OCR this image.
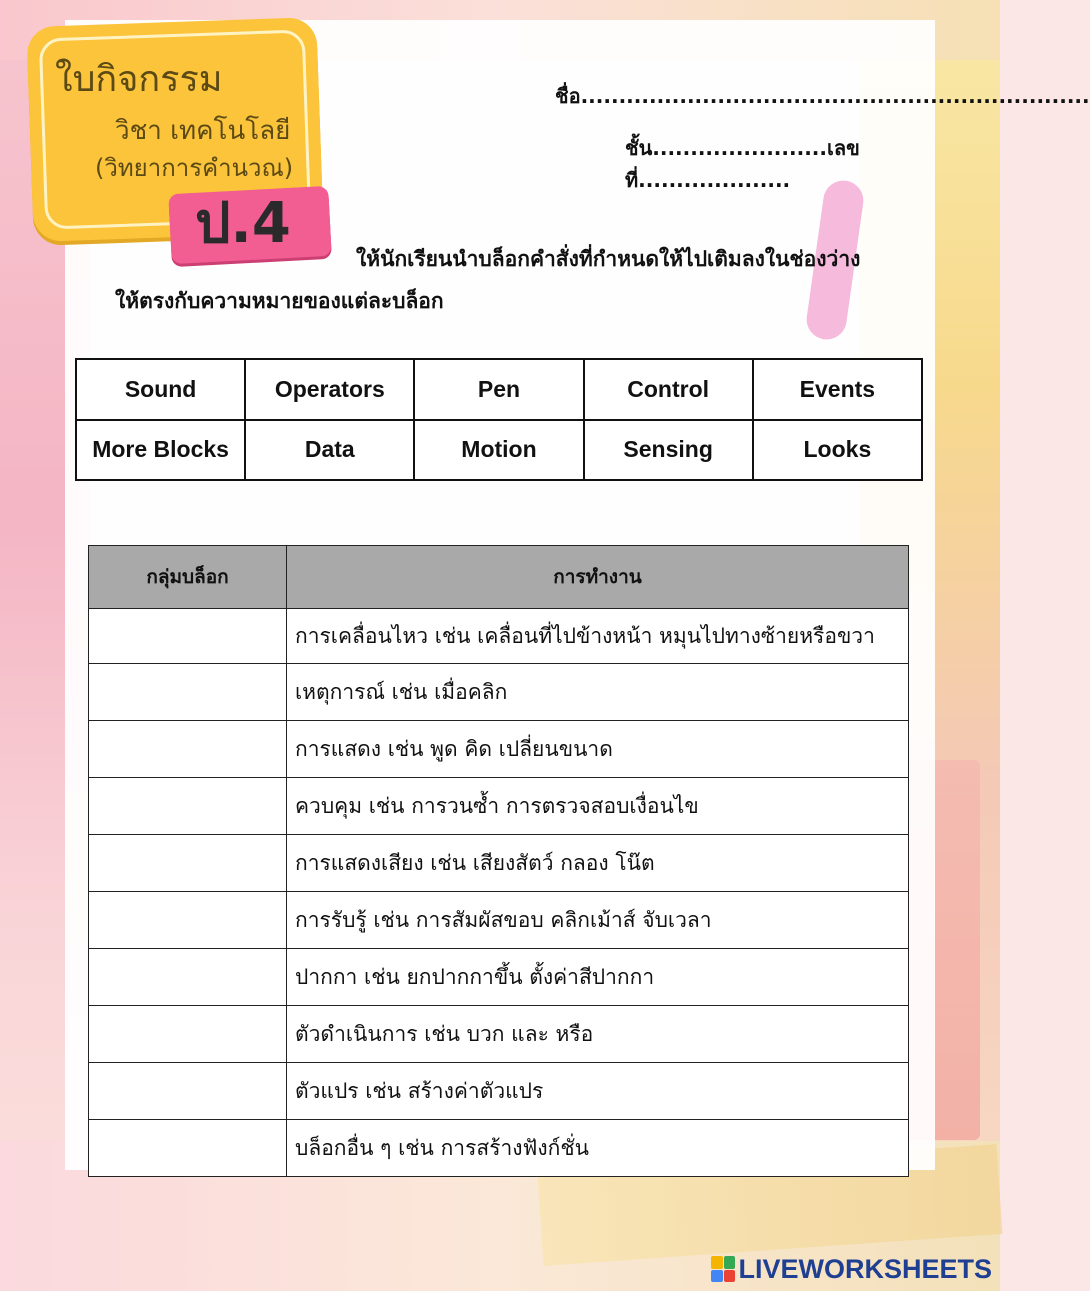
ใบกิจกรรม
วิชา เทคโนโลยี
(วิทยาการคำนวณ)
ป.4
ชื่อ...................................................................
ชั้น.......................เลขที่....................
ให้นักเรียนนำบล็อกคำสั่งที่กำหนดให้ไปเติมลงในช่องว่าง
ให้ตรงกับความหมายของแต่ละบล็อก
Sound	Operators	Pen	Control	Events
More Blocks	Data	Motion	Sensing	Looks
กลุ่มบล็อก	การทำงาน
	การเคลื่อนไหว เช่น เคลื่อนที่ไปข้างหน้า หมุนไปทางซ้ายหรือขวา
	เหตุการณ์ เช่น เมื่อคลิก
	การแสดง เช่น พูด คิด เปลี่ยนขนาด
	ควบคุม เช่น การวนซ้ำ การตรวจสอบเงื่อนไข
	การแสดงเสียง เช่น เสียงสัตว์ กลอง โน๊ต
	การรับรู้ เช่น การสัมผัสขอบ คลิกเม้าส์ จับเวลา
	ปากกา เช่น ยกปากกาขึ้น ตั้งค่าสีปากกา
	ตัวดำเนินการ เช่น บวก และ หรือ
	ตัวแปร เช่น สร้างค่าตัวแปร
	บล็อกอื่น ๆ เช่น การสร้างฟังก์ชั่น
LIVEWORKSHEETS
